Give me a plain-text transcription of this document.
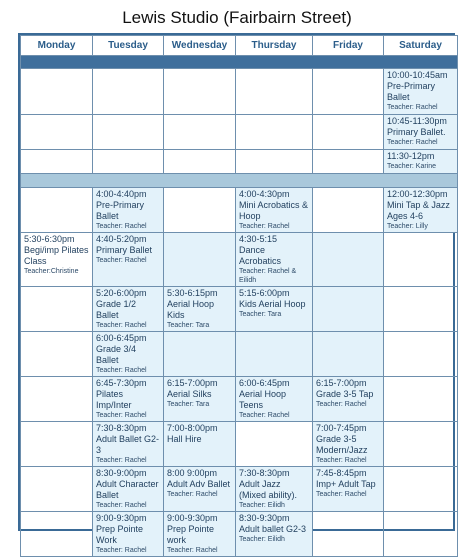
Lewis Studio (Fairbairn Street)
Monday	Tuesday	Wednesday	Thursday	Friday	Saturday

					10:00-10:45am
Pre-Primary Ballet
Teacher: Rachel

					10:45-11:30pm
Primary Ballet.
Teacher: Rachel

					11:30-12pm
Teacher: Karine

	4:00-4:40pm
Pre-Primary Ballet
Teacher: Rachel		4:00-4:30pm
Mini Acrobatics & Hoop
Teacher: Rachel		12:00-12:30pm
Mini Tap & Jazz Ages 4-6
Teacher: Lilly

5:30-6:30pm
Begi/imp Pilates Class
Teacher:Christine	4:40-5:20pm
Primary Ballet
Teacher: Rachel		4:30-5:15
Dance Acrobatics
Teacher: Rachel & Eilidh		

	5:20-6:00pm
Grade 1/2 Ballet
Teacher: Rachel	5:30-6:15pm
Aerial Hoop Kids
Teacher: Tara	5:15-6:00pm
Kids Aerial Hoop
Teacher: Tara		

	6:00-6:45pm
Grade 3/4 Ballet
Teacher: Rachel				

	6:45-7:30pm
Pilates Imp/Inter
Teacher: Rachel	6:15-7:00pm
Aerial Silks
Teacher: Tara	6:00-6:45pm
Aerial Hoop Teens
Teacher: Rachel	6:15-7:00pm
Grade 3-5 Tap
Teacher: Rachel	

	7:30-8:30pm
Adult Ballet G2-3
Teacher: Rachel	7:00-8:00pm
Hall Hire		7:00-7:45pm
Grade 3-5 Modern/Jazz
Teacher: Rachel	

	8:30-9:00pm
Adult Character Ballet
Teacher: Rachel	8:00 9:00pm
Adult Adv Ballet
Teacher: Rachel	7:30-8:30pm
Adult Jazz (Mixed ability).
Teacher: Eilidh	7:45-8:45pm
Imp+ Adult Tap
Teacher: Rachel	

	9:00-9:30pm
Prep Pointe Work
Teacher: Rachel	9:00-9:30pm
Prep Pointe work
Teacher: Rachel	8:30-9:30pm
Adult ballet G2-3
Teacher: Eilidh		
